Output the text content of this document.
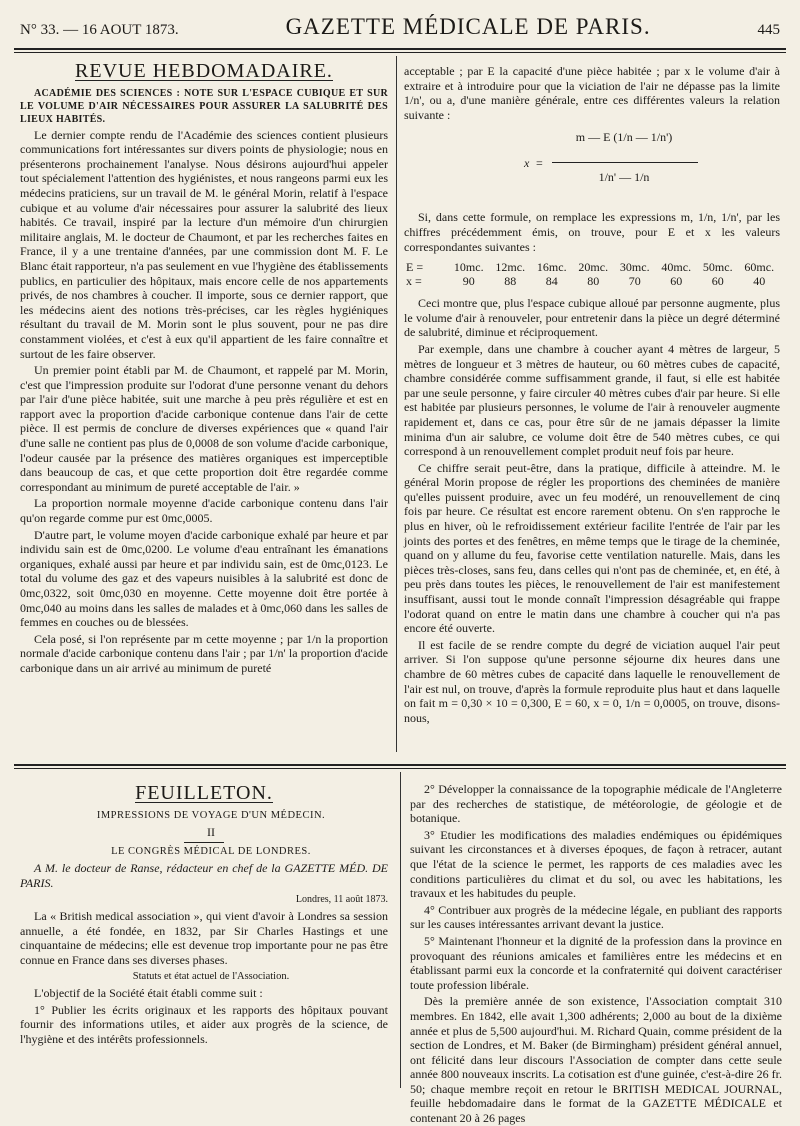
N° 33. — 16 AOUT 1873.	GAZETTE MÉDICALE DE PARIS.	445
REVUE HEBDOMADAIRE.

ACADÉMIE DES SCIENCES : NOTE SUR L'ESPACE CUBIQUE ET SUR LE VOLUME D'AIR NÉCESSAIRES POUR ASSURER LA SALUBRITÉ DES LIEUX HABITÉS.

Le dernier compte rendu de l'Académie des sciences contient plusieurs communications fort intéressantes sur divers points de physiologie; nous en présenterons prochainement l'analyse. Nous désirons aujourd'hui appeler tout spécialement l'attention des hygiénistes, et nous rangeons parmi eux les médecins praticiens, sur un travail de M. le général Morin, relatif à l'espace cubique et au volume d'air nécessaires pour assurer la salubrité des lieux habités. Ce travail, inspiré par la lecture d'un mémoire d'un chirurgien militaire anglais, M. le docteur de Chaumont, et par les recherches faites en France, il y a une trentaine d'années, par une commission dont M. F. Le Blanc était rapporteur, n'a pas seulement en vue l'hygiène des établissements publics, en particulier des hôpitaux, mais encore celle de nos appartements privés, de nos chambres à coucher. Il importe, sous ce dernier rapport, que les médecins aient des notions très-précises, car les règles hygiéniques résultant du travail de M. Morin sont le plus souvent, pour ne pas dire constamment violées, et c'est à eux qu'il appartient de les faire connaître et surtout de les faire observer.

Un premier point établi par M. de Chaumont, et rappelé par M. Morin, c'est que l'impression produite sur l'odorat d'une personne venant du dehors par l'air d'une pièce habitée, suit une marche à peu près régulière et est en rapport avec la proportion d'acide carbonique contenue dans l'air de cette pièce. Il est permis de conclure de diverses expériences que « quand l'air d'une salle ne contient pas plus de 0,0008 de son volume d'acide carbonique, l'odeur causée par la présence des matières organiques est imperceptible dans beaucoup de cas, et que cette proportion doit être regardée comme correspondant au minimum de pureté acceptable de l'air. »

La proportion normale moyenne d'acide carbonique contenu dans l'air qu'on regarde comme pur est 0mc,0005.

D'autre part, le volume moyen d'acide carbonique exhalé par heure et par individu sain est de 0mc,0200. Le volume d'eau entraînant les émanations organiques, exhalé aussi par heure et par individu sain, est de 0mc,0123. Le total du volume des gaz et des vapeurs nuisibles à la salubrité est donc de 0mc,0322, soit 0mc,030 en moyenne. Cette moyenne doit être portée à 0mc,040 au moins dans les salles de malades et à 0mc,060 dans les salles de femmes en couches ou de blessées.

Cela posé, si l'on représente par m cette moyenne ; par 1/n la proportion normale d'acide carbonique contenu dans l'air ; par 1/n' la proportion d'acide carbonique dans un air arrivé au minimum de pureté

acceptable ; par E la capacité d'une pièce habitée ; par x le volume d'air à extraire et à introduire pour que la viciation de l'air ne dépasse pas la limite 1/n', ou a, d'une manière générale, entre ces différentes valeurs la relation suivante :

x =
m — E (1/n — 1/n')
1/n' — 1/n

Si, dans cette formule, on remplace les expressions m, 1/n, 1/n', par les chiffres précédemment émis, on trouve, pour E et x les valeurs correspondantes suivantes :

E =	10mc.	12mc.	16mc.	20mc.	30mc.	40mc.	50mc.	60mc.
x =	90	88	84	80	70	60	60	40

Ceci montre que, plus l'espace cubique alloué par personne augmente, plus le volume d'air à renouveler, pour entretenir dans la pièce un degré déterminé de salubrité, diminue et réciproquement.

Par exemple, dans une chambre à coucher ayant 4 mètres de largeur, 5 mètres de longueur et 3 mètres de hauteur, ou 60 mètres cubes de capacité, chambre considérée comme suffisamment grande, il faut, si elle est habitée par une seule personne, y faire circuler 40 mètres cubes d'air par heure. Si elle est habitée par plusieurs personnes, le volume de l'air à renouveler augmente rapidement et, dans ce cas, pour être sûr de ne jamais dépasser la limite minima d'un air salubre, ce volume doit être de 540 mètres cubes, ce qui correspond à un renouvellement complet produit neuf fois par heure.

Ce chiffre serait peut-être, dans la pratique, difficile à atteindre. M. le général Morin propose de régler les proportions des cheminées de manière qu'elles puissent produire, avec un feu modéré, un renouvellement de cinq fois par heure. Ce résultat est encore rarement obtenu. On s'en rapproche le plus en hiver, où le refroidissement extérieur facilite l'entrée de l'air par les joints des portes et des fenêtres, en même temps que le tirage de la cheminée, quand on y allume du feu, favorise cette ventilation naturelle. Mais, dans les pièces très-closes, sans feu, dans celles qui n'ont pas de cheminée, et, en été, à peu près dans toutes les pièces, le renouvellement de l'air est manifestement insuffisant, aussi tout le monde connaît l'impression désagréable qui frappe l'odorat quand on entre le matin dans une chambre à coucher qui n'a pas encore été ouverte.

Il est facile de se rendre compte du degré de viciation auquel l'air peut arriver. Si l'on suppose qu'une personne séjourne dix heures dans une chambre de 60 mètres cubes de capacité dans laquelle le renouvellement de l'air est nul, on trouve, d'après la formule reproduite plus haut et dans laquelle on fait m = 0,30 × 10 = 0,300, E = 60, x = 0, 1/n = 0,0005, on trouve, disons-nous,

FEUILLETON.

IMPRESSIONS DE VOYAGE D'UN MÉDECIN.

II

LE CONGRÈS MÉDICAL DE LONDRES.

A M. le docteur de Ranse, rédacteur en chef de la GAZETTE MÉD. DE PARIS.

Londres, 11 août 1873.

La « British medical association », qui vient d'avoir à Londres sa session annuelle, a été fondée, en 1832, par Sir Charles Hastings et une cinquantaine de médecins; elle est devenue trop importante pour ne pas être connue en France dans ses diverses phases.

Statuts et état actuel de l'Association.

L'objectif de la Société était établi comme suit :

1° Publier les écrits originaux et les rapports des hôpitaux pouvant fournir des informations utiles, et aider aux progrès de la science, de l'hygiène et des intérêts professionnels.

2° Développer la connaissance de la topographie médicale de l'Angleterre par des recherches de statistique, de météorologie, de géologie et de botanique.

3° Etudier les modifications des maladies endémiques ou épidémiques suivant les circonstances et à diverses époques, de façon à retracer, autant que l'état de la science le permet, les rapports de ces maladies avec les conditions particulières du climat et du sol, ou avec les habitations, les travaux et les habitudes du peuple.

4° Contribuer aux progrès de la médecine légale, en publiant des rapports sur les causes intéressantes arrivant devant la justice.

5° Maintenant l'honneur et la dignité de la profession dans la province en provoquant des réunions amicales et familières entre les médecins et en établissant parmi eux la concorde et la confraternité qui doivent caractériser toute profession libérale.

Dès la première année de son existence, l'Association comptait 310 membres. En 1842, elle avait 1,300 adhérents; 2,000 au bout de la dixième année et plus de 5,500 aujourd'hui. M. Richard Quain, comme président de la section de Londres, et M. Baker (de Birmingham) président général annuel, ont félicité dans leur discours l'Association de compter dans cette seule année 800 nouveaux inscrits. La cotisation est d'une guinée, c'est-à-dire 26 fr. 50; chaque membre reçoit en retour le BRITISH MEDICAL JOURNAL, feuille hebdomadaire dans le format de la GAZETTE MÉDICALE et contenant 20 à 26 pages
